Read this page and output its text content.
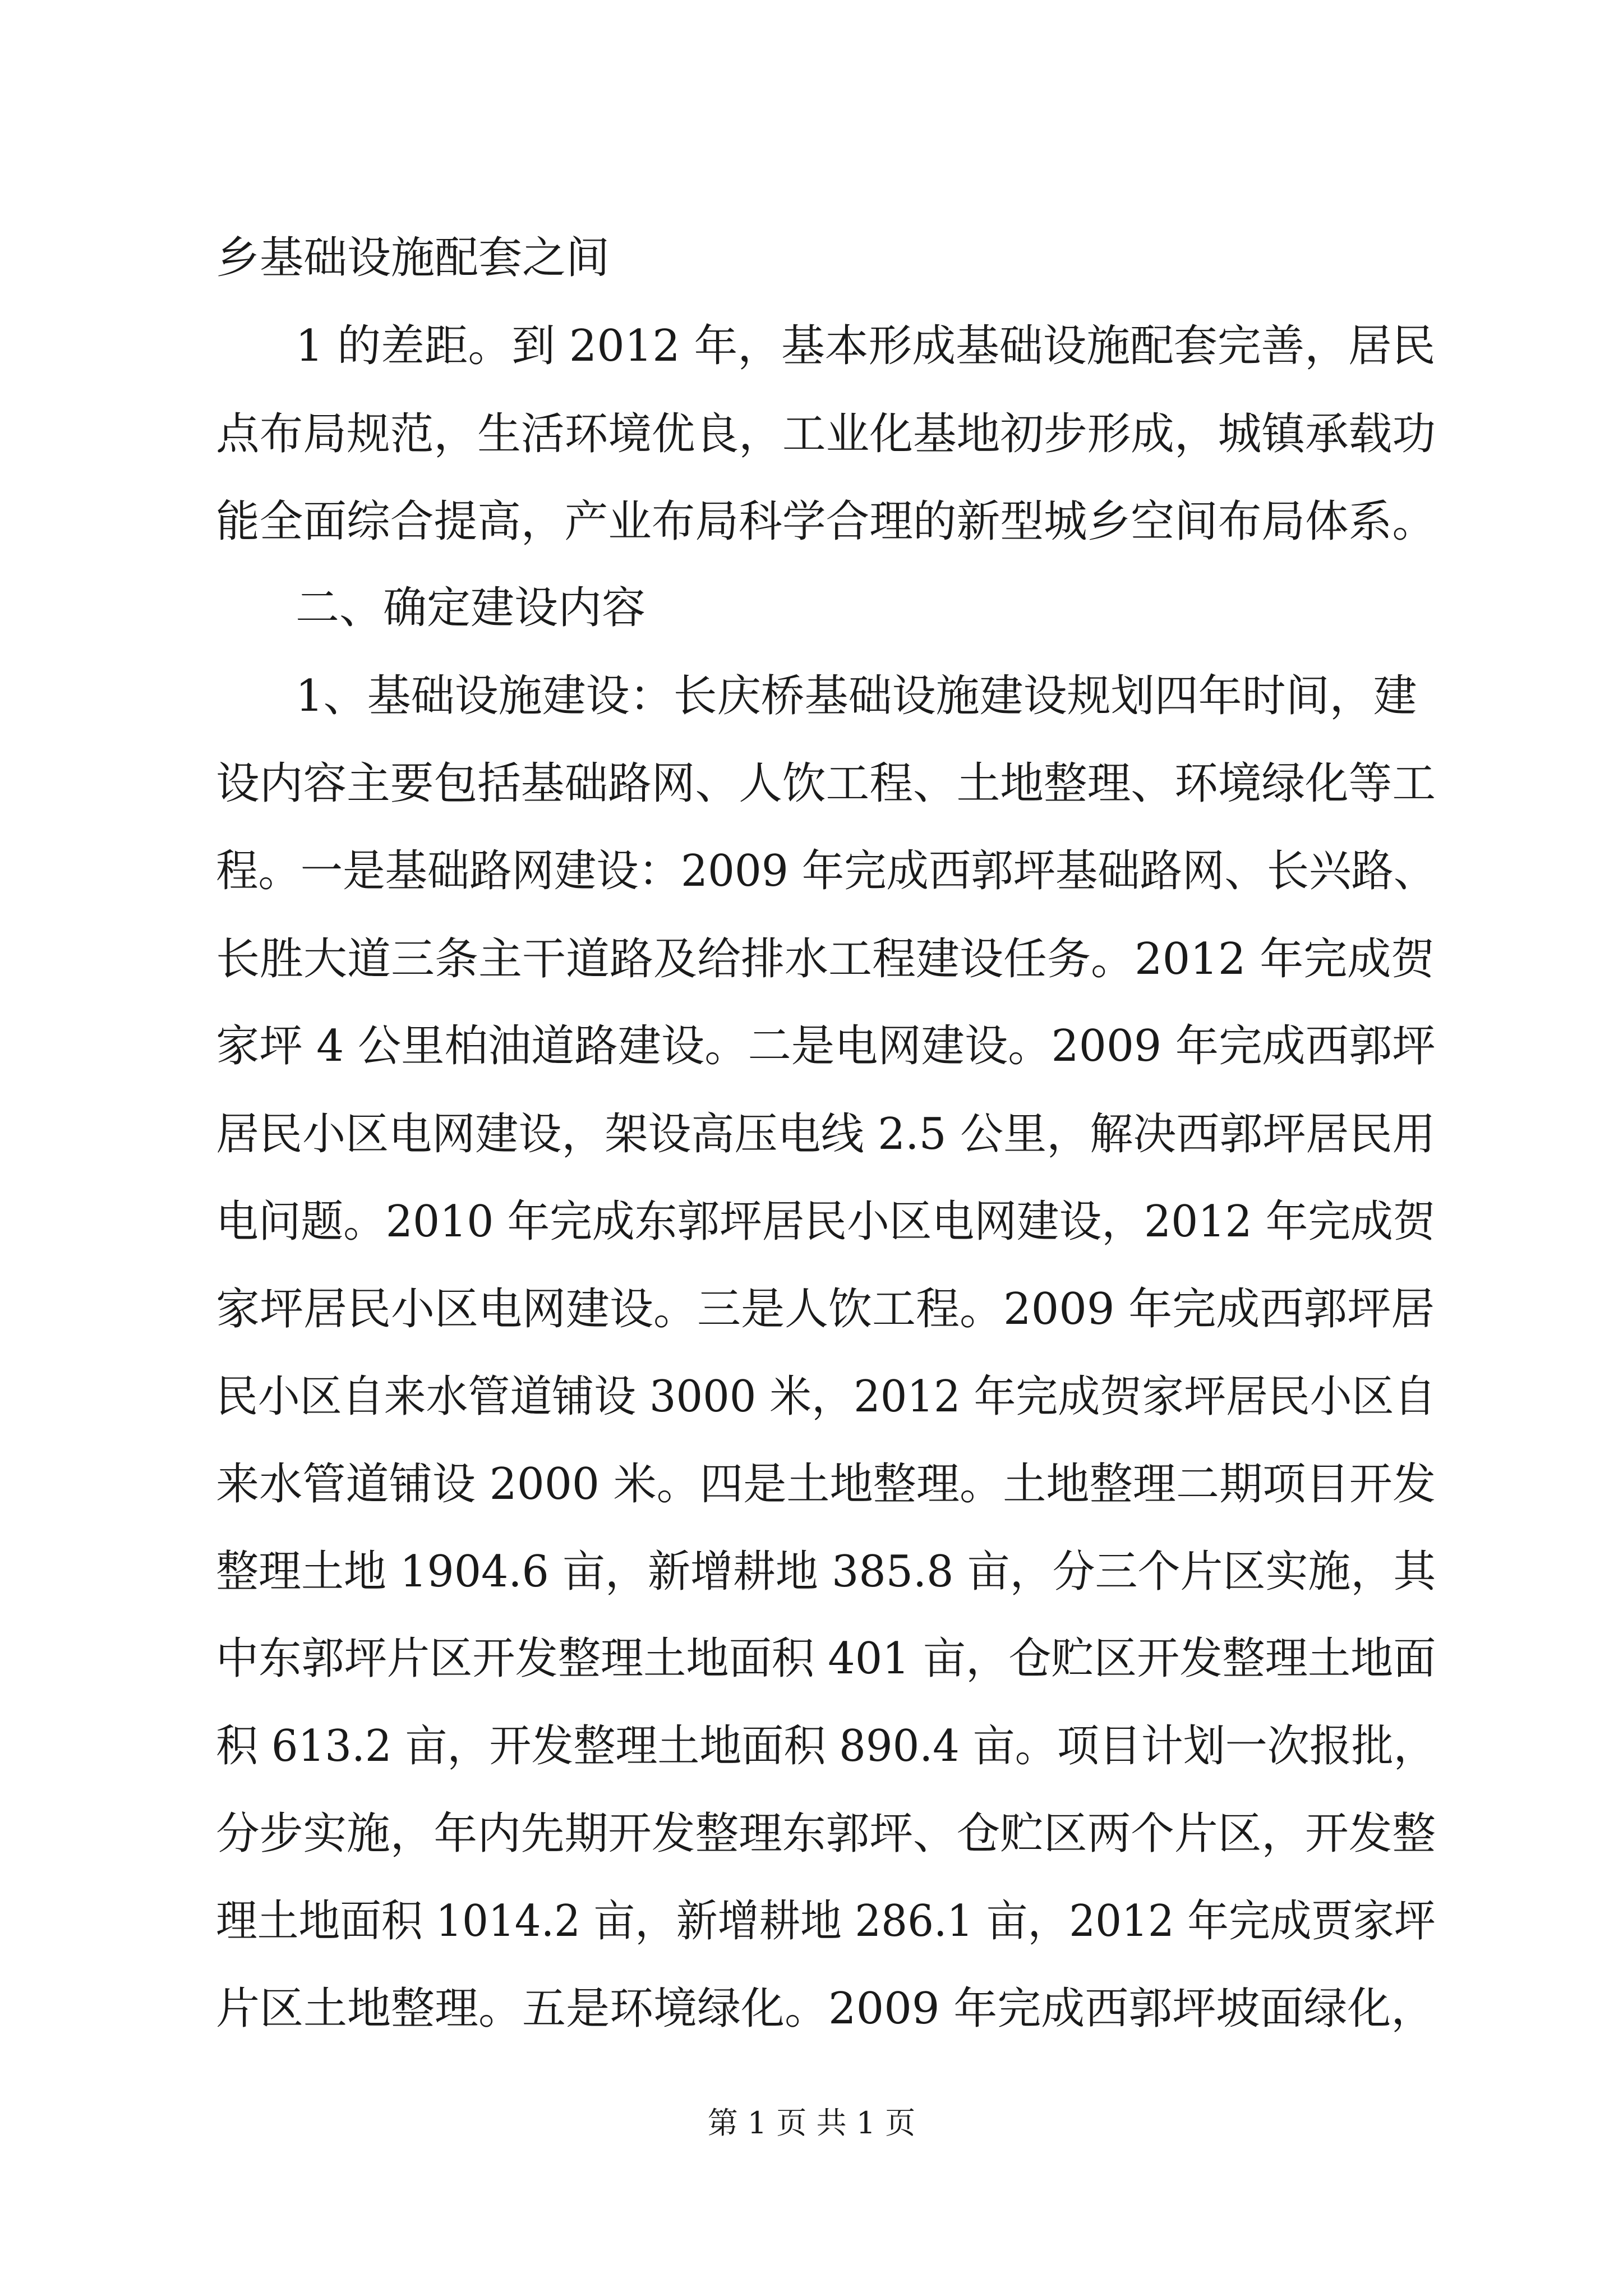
乡基础设施配套之间
1 的差距。到 2012 年，基本形成基础设施配套完善，居民
点布局规范，生活环境优良，工业化基地初步形成，城镇承载功
能全面综合提高，产业布局科学合理的新型城乡空间布局体系。
二、确定建设内容
1、基础设施建设：长庆桥基础设施建设规划四年时间，建
设内容主要包括基础路网、人饮工程、土地整理、环境绿化等工
程。一是基础路网建设：2009 年完成西郭坪基础路网、长兴路、
长胜大道三条主干道路及给排水工程建设任务。2012 年完成贺
家坪 4 公里柏油道路建设。二是电网建设。2009 年完成西郭坪
居民小区电网建设，架设高压电线 2.5 公里，解决西郭坪居民用
电问题。2010 年完成东郭坪居民小区电网建设，2012 年完成贺
家坪居民小区电网建设。三是人饮工程。2009 年完成西郭坪居
民小区自来水管道铺设 3000 米，2012 年完成贺家坪居民小区自
来水管道铺设 2000 米。四是土地整理。土地整理二期项目开发
整理土地 1904.6 亩，新增耕地 385.8 亩，分三个片区实施，其
中东郭坪片区开发整理土地面积 401 亩，仓贮区开发整理土地面
积 613.2 亩，开发整理土地面积 890.4 亩。项目计划一次报批，
分步实施，年内先期开发整理东郭坪、仓贮区两个片区，开发整
理土地面积 1014.2 亩，新增耕地 286.1 亩，2012 年完成贾家坪
片区土地整理。五是环境绿化。2009 年完成西郭坪坡面绿化，
第 1 页 共 1 页
